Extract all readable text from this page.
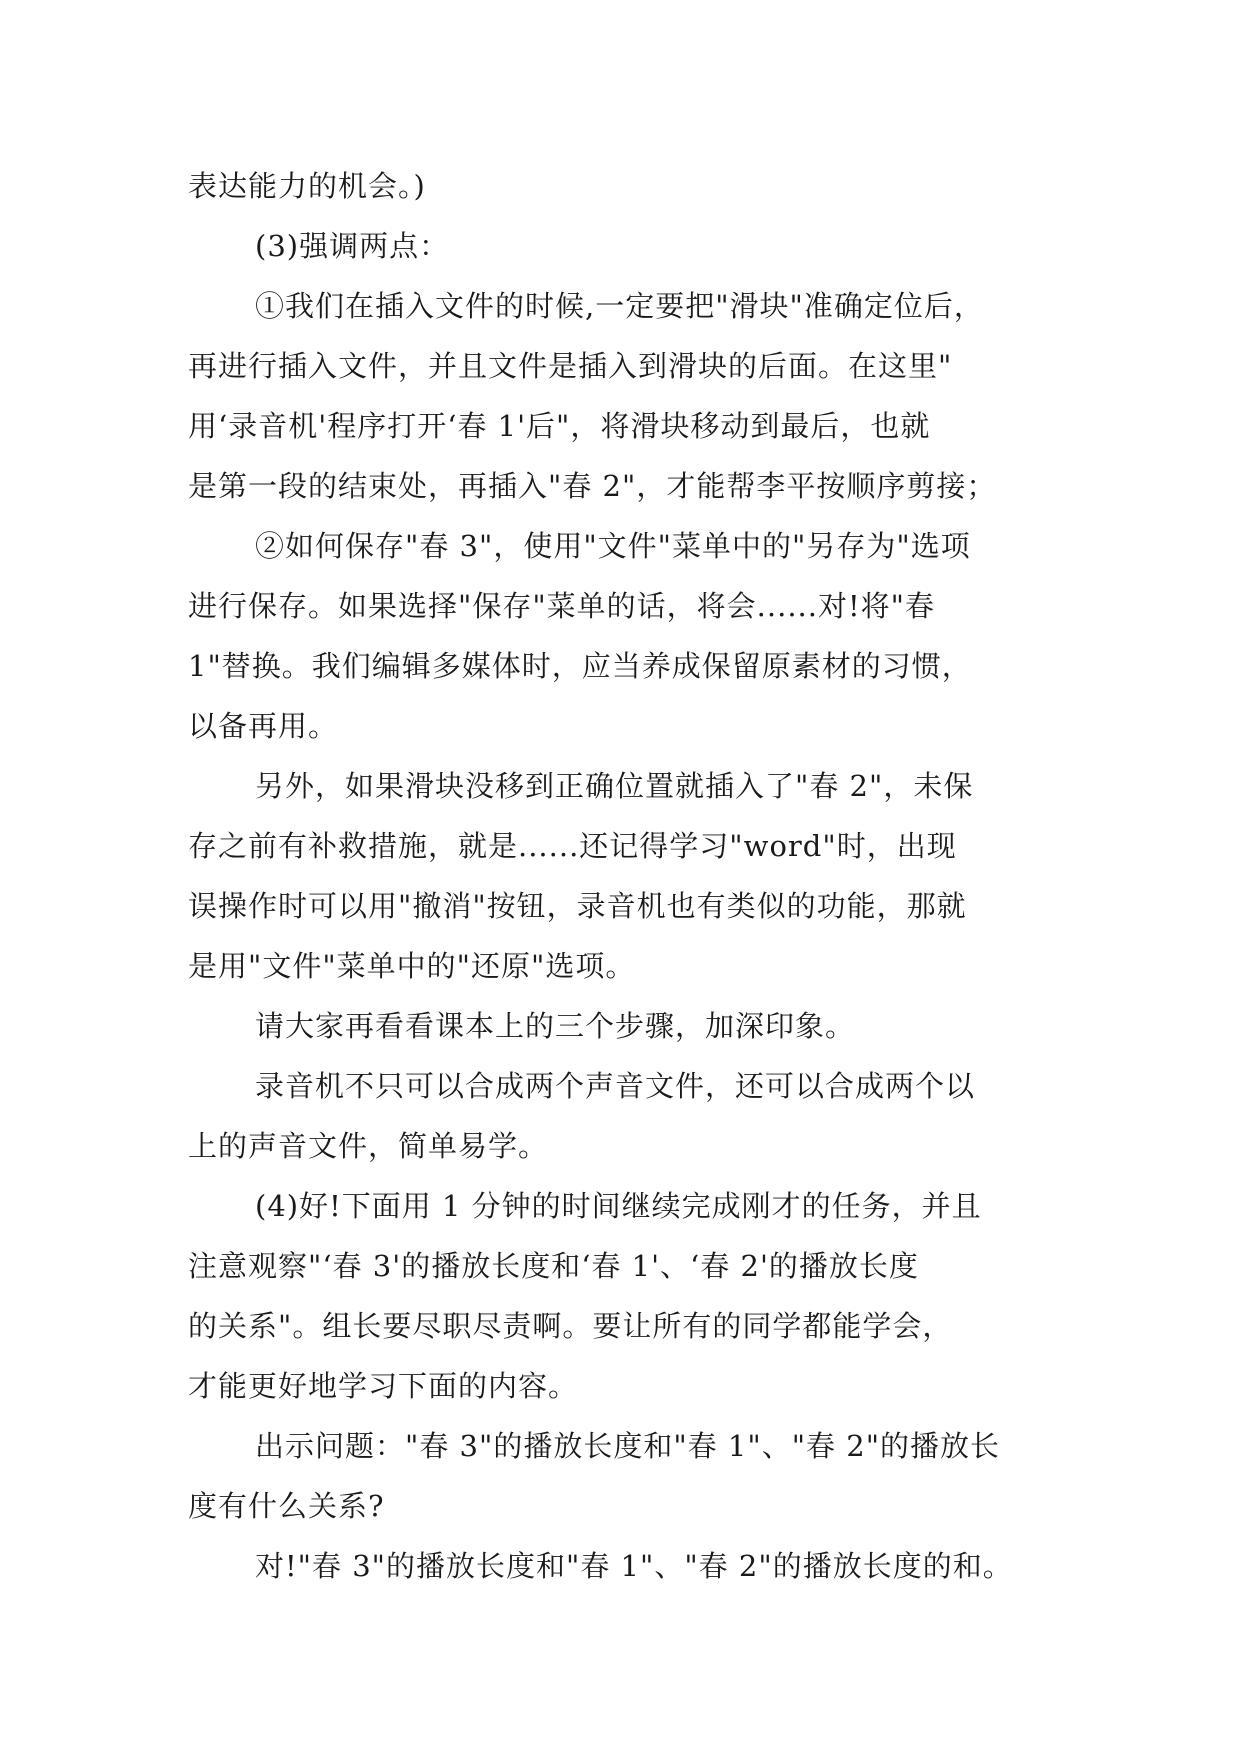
表达能力的机会。)
(3)强调两点：
①我们在插入文件的时候,一定要把"滑块"准确定位后，
再进行插入文件，并且文件是插入到滑块的后面。在这里"
用‘录音机'程序打开‘春 1'后"，将滑块移动到最后，也就
是第一段的结束处，再插入"春 2"，才能帮李平按顺序剪接；
②如何保存"春 3"，使用"文件"菜单中的"另存为"选项
进行保存。如果选择"保存"菜单的话，将会......对!将"春
1"替换。我们编辑多媒体时，应当养成保留原素材的习惯，
以备再用。
另外，如果滑块没移到正确位置就插入了"春 2"，未保
存之前有补救措施，就是......还记得学习"word"时，出现
误操作时可以用"撤消"按钮，录音机也有类似的功能，那就
是用"文件"菜单中的"还原"选项。
请大家再看看课本上的三个步骤，加深印象。
录音机不只可以合成两个声音文件，还可以合成两个以
上的声音文件，简单易学。
(4)好!下面用 1 分钟的时间继续完成刚才的任务，并且
注意观察"‘春 3'的播放长度和‘春 1'、‘春 2'的播放长度
的关系"。组长要尽职尽责啊。要让所有的同学都能学会，
才能更好地学习下面的内容。
出示问题："春 3"的播放长度和"春 1"、"春 2"的播放长
度有什么关系?
对!"春 3"的播放长度和"春 1"、"春 2"的播放长度的和。
